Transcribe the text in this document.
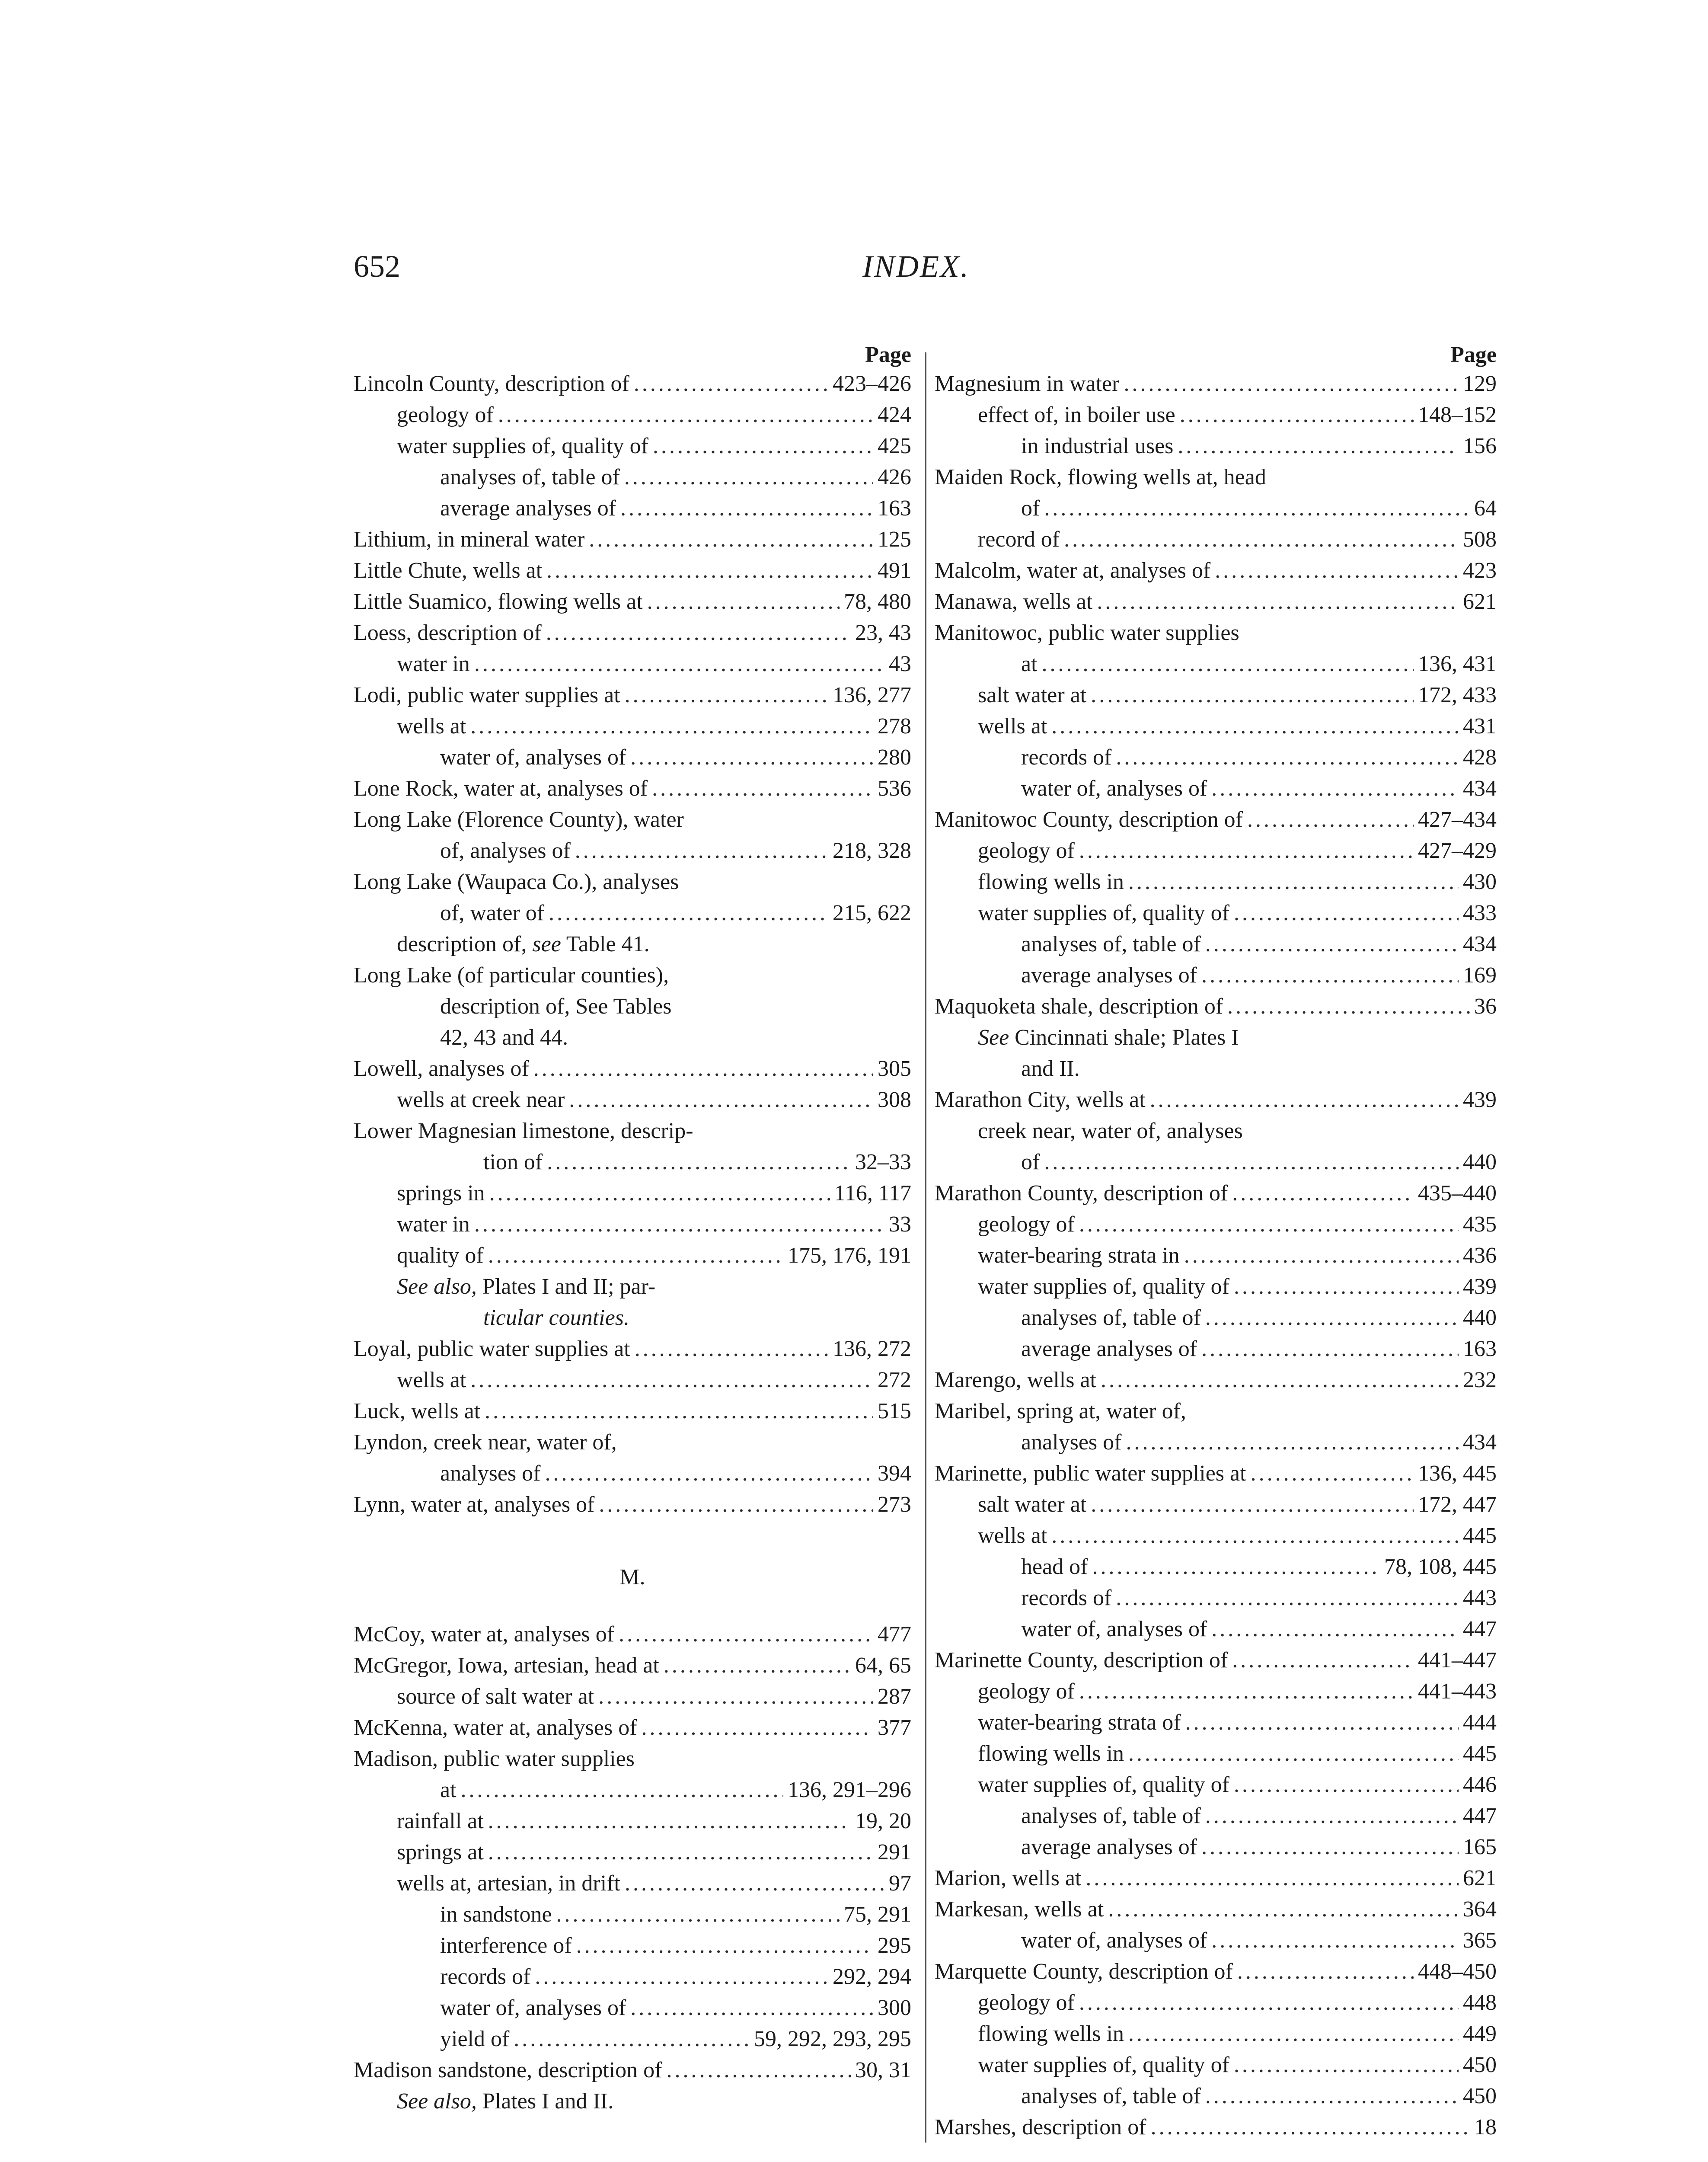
652	INDEX.
Page
Lincoln County, description of .....	423–426
geology of .....	424
water supplies of, quality of .....	425
analyses of, table of .....	426
average analyses of .....	163
Lithium, in mineral water .....	125
Little Chute, wells at .....	491
Little Suamico, flowing wells at .....	78, 480
Loess, description of .....	23, 43
water in .....	43
Lodi, public water supplies at .....	136, 277
wells at .....	278
water of, analyses of .....	280
Lone Rock, water at, analyses of .....	536
Long Lake (Florence County), water
of, analyses of .....	218, 328
Long Lake (Waupaca Co.), analyses
of, water of .....	215, 622
description of, see Table 41.
Long Lake (of particular counties),
description of, See Tables
42, 43 and 44.
Lowell, analyses of .....	305
wells at creek near .....	308
Lower Magnesian limestone, descrip-
tion of .....	32–33
springs in .....	116, 117
water in .....	33
quality of .....	175, 176, 191
See also, Plates I and II; par-
ticular counties.
Loyal, public water supplies at .....	136, 272
wells at .....	272
Luck, wells at .....	515
Lyndon, creek near, water of,
analyses of .....	394
Lynn, water at, analyses of .....	273
M.
McCoy, water at, analyses of .....	477
McGregor, Iowa, artesian, head at .....	64, 65
source of salt water at .....	287
McKenna, water at, analyses of .....	377
Madison, public water supplies
at .....	136, 291–296
rainfall at .....	19, 20
springs at .....	291
wells at, artesian, in drift .....	97
in sandstone .....	75, 291
interference of .....	295
records of .....	292, 294
water of, analyses of .....	300
yield of .....	59, 292, 293, 295
Madison sandstone, description of .....	30, 31
See also, Plates I and II.
Page
Magnesium in water .....	129
effect of, in boiler use .....	148–152
in industrial uses .....	156
Maiden Rock, flowing wells at, head
of .....	64
record of .....	508
Malcolm, water at, analyses of .....	423
Manawa, wells at .....	621
Manitowoc, public water supplies
at .....	136, 431
salt water at .....	172, 433
wells at .....	431
records of .....	428
water of, analyses of .....	434
Manitowoc County, description of .....	427–434
geology of .....	427–429
flowing wells in .....	430
water supplies of, quality of .....	433
analyses of, table of .....	434
average analyses of .....	169
Maquoketa shale, description of .....	36
See Cincinnati shale; Plates I
and II.
Marathon City, wells at .....	439
creek near, water of, analyses
of .....	440
Marathon County, description of .....	435–440
geology of .....	435
water-bearing strata in .....	436
water supplies of, quality of .....	439
analyses of, table of .....	440
average analyses of .....	163
Marengo, wells at .....	232
Maribel, spring at, water of,
analyses of .....	434
Marinette, public water supplies at .....	136, 445
salt water at .....	172, 447
wells at .....	445
head of .....	78, 108, 445
records of .....	443
water of, analyses of .....	447
Marinette County, description of .....	441–447
geology of .....	441–443
water-bearing strata of .....	444
flowing wells in .....	445
water supplies of, quality of .....	446
analyses of, table of .....	447
average analyses of .....	165
Marion, wells at .....	621
Markesan, wells at .....	364
water of, analyses of .....	365
Marquette County, description of .....	448–450
geology of .....	448
flowing wells in .....	449
water supplies of, quality of .....	450
analyses of, table of .....	450
Marshes, description of .....	18
